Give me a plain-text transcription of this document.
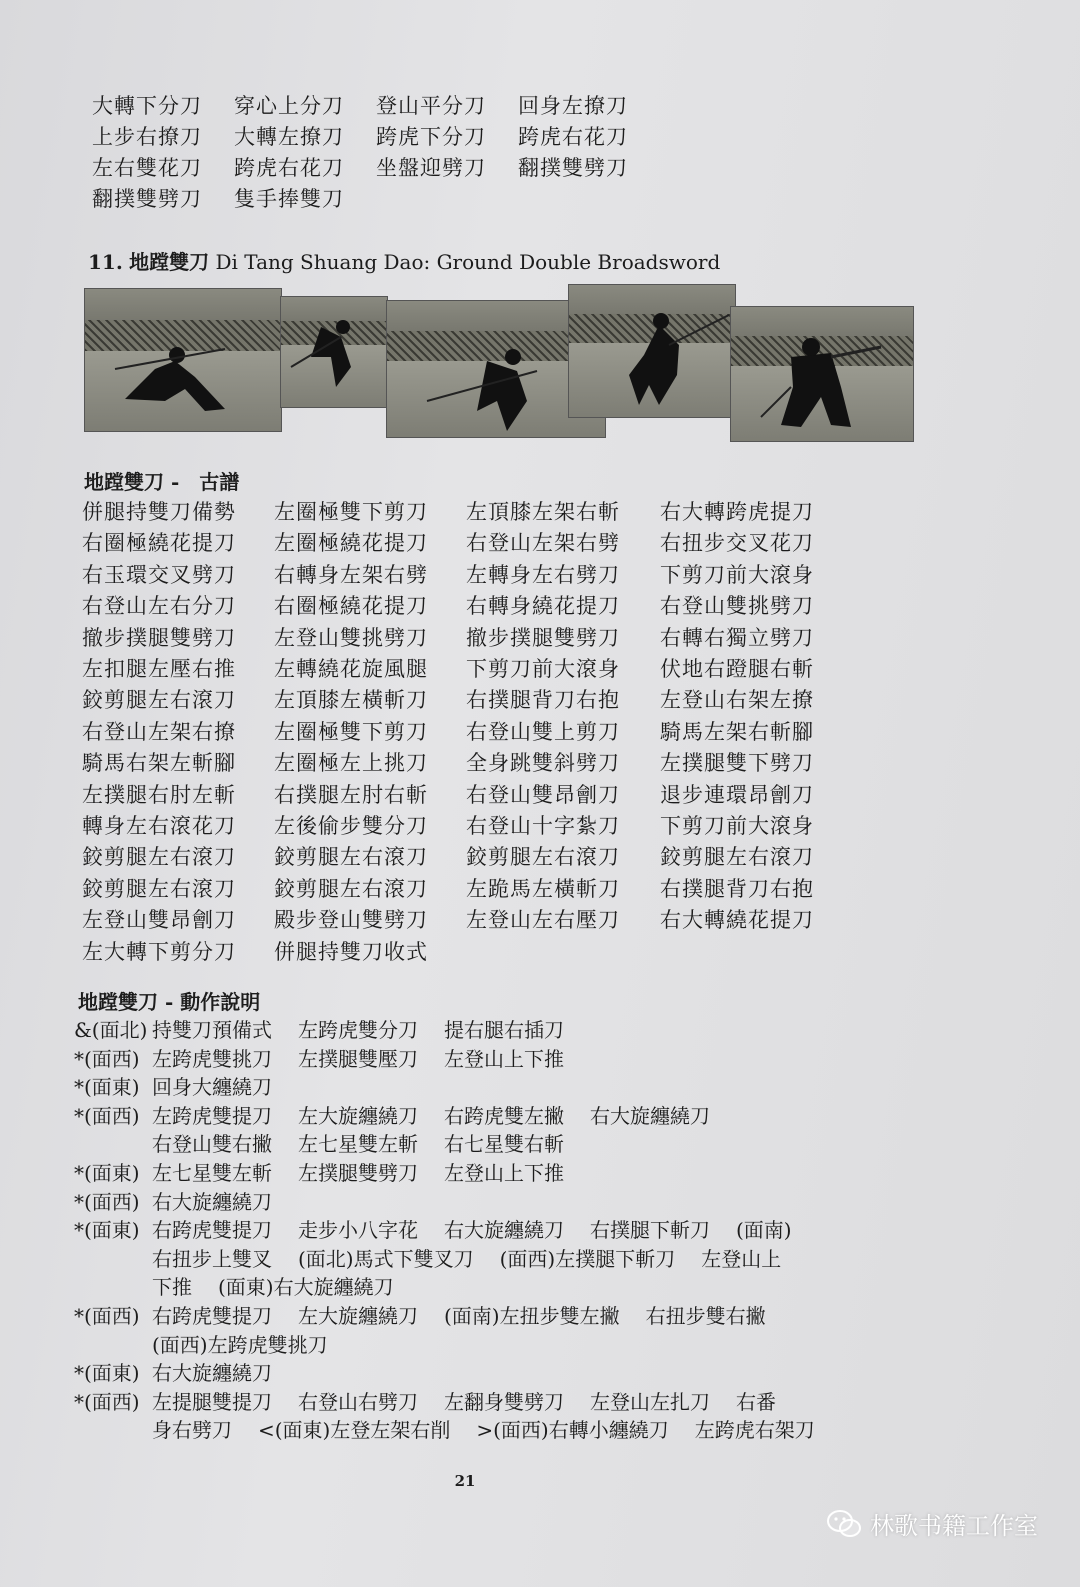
大轉下分刀	穿心上分刀	登山平分刀	回身左撩刀
上步右撩刀	大轉左撩刀	跨虎下分刀	跨虎右花刀
左右雙花刀	跨虎右花刀	坐盤迎劈刀	翻撲雙劈刀
翻撲雙劈刀	隻手捧雙刀
11. 地蹚雙刀 Di Tang Shuang Dao: Ground Double Broadsword
地蹚雙刀 -　古譜
併腿持雙刀備勢	左圈極雙下剪刀	左頂膝左架右斬	右大轉跨虎提刀
右圈極繞花提刀	左圈極繞花提刀	右登山左架右劈	右扭步交叉花刀
右玉環交叉劈刀	右轉身左架右劈	左轉身左右劈刀	下剪刀前大滾身
右登山左右分刀	右圈極繞花提刀	右轉身繞花提刀	右登山雙挑劈刀
撤步撲腿雙劈刀	左登山雙挑劈刀	撤步撲腿雙劈刀	右轉右獨立劈刀
左扣腿左壓右推	左轉繞花旋風腿	下剪刀前大滾身	伏地右蹬腿右斬
鉸剪腿左右滾刀	左頂膝左橫斬刀	右撲腿背刀右抱	左登山右架左撩
右登山左架右撩	左圈極雙下剪刀	右登山雙上剪刀	騎馬左架右斬腳
騎馬右架左斬腳	左圈極左上挑刀	全身跳雙斜劈刀	左撲腿雙下劈刀
左撲腿右肘左斬	右撲腿左肘右斬	右登山雙昂劊刀	退步連環昂劊刀
轉身左右滾花刀	左後偷步雙分刀	右登山十字紮刀	下剪刀前大滾身
鉸剪腿左右滾刀	鉸剪腿左右滾刀	鉸剪腿左右滾刀	鉸剪腿左右滾刀
鉸剪腿左右滾刀	鉸剪腿左右滾刀	左跪馬左橫斬刀	右撲腿背刀右抱
左登山雙昂劊刀	殿步登山雙劈刀	左登山左右壓刀	右大轉繞花提刀
左大轉下剪分刀	併腿持雙刀收式
地蹚雙刀 - 動作說明
&(面北) 持雙刀預備式 左跨虎雙分刀 提右腿右插刀
*(面西) 左跨虎雙挑刀 左撲腿雙壓刀 左登山上下推
*(面東) 回身大纏繞刀
*(面西) 左跨虎雙提刀 左大旋纏繞刀 右跨虎雙左撇 右大旋纏繞刀
右登山雙右撇 左七星雙左斬 右七星雙右斬
*(面東) 左七星雙左斬 左撲腿雙劈刀 左登山上下推
*(面西) 右大旋纏繞刀
*(面東) 右跨虎雙提刀 走步小八字花 右大旋纏繞刀 右撲腿下斬刀 (面南)
右扭步上雙叉 (面北)馬式下雙叉刀 (面西)左撲腿下斬刀 左登山上
下推 (面東)右大旋纏繞刀
*(面西) 右跨虎雙提刀 左大旋纏繞刀 (面南)左扭步雙左撇 右扭步雙右撇
(面西)左跨虎雙挑刀
*(面東) 右大旋纏繞刀
*(面西) 左提腿雙提刀 右登山右劈刀 左翻身雙劈刀 左登山左扎刀 右番
身右劈刀 <(面東)左登左架右削 >(面西)右轉小纏繞刀 左跨虎右架刀
21
林歌书籍工作室
